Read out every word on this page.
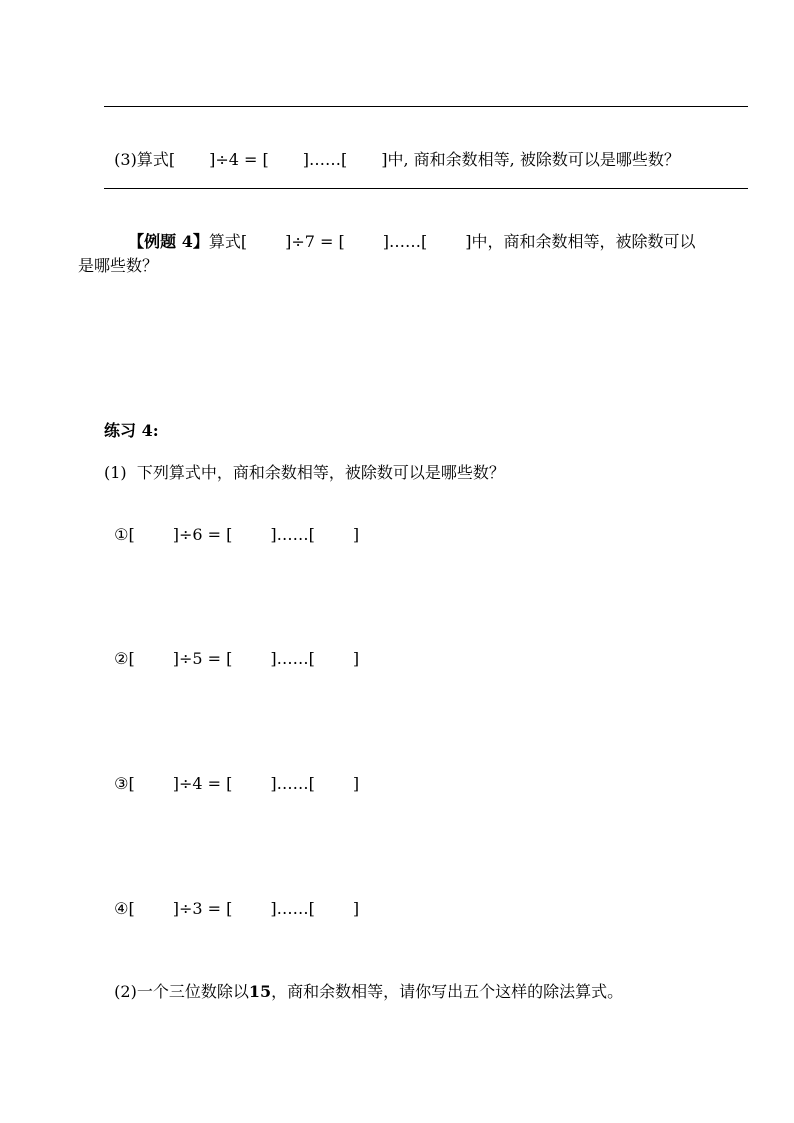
(3)算式[ ]÷4 = [ ]……[ ]中, 商和余数相等, 被除数可以是哪些数？

【例题 4】算式[ ]÷7 = [ ]……[ ]中，商和余数相等，被除数可以

是哪些数？
练习 4:
(1)  下列算式中，商和余数相等，被除数可以是哪些数？

①[ ]÷6 = [ ]……[ ]

②[ ]÷5 = [ ]……[ ]

③[ ]÷4 = [ ]……[ ]

④[ ]÷3 = [ ]……[ ]

(2)一个三位数除以15，商和余数相等，请你写出五个这样的除法算式。
